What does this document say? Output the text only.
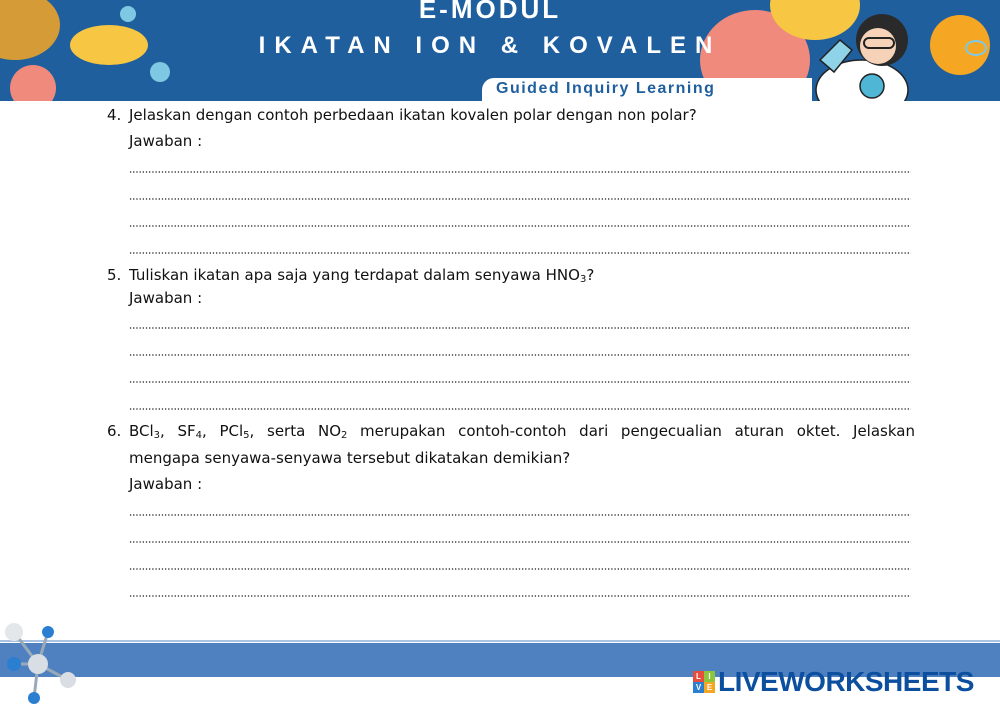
E-MODUL
IKATAN ION & KOVALEN
Guided Inquiry Learning
4. Jelaskan dengan contoh perbedaan ikatan kovalen polar dengan non polar?
Jawaban :
5. Tuliskan ikatan apa saja yang terdapat dalam senyawa $HNO_3$?
Jawaban :
6. BCl$_3$, $SF_4$, PCl$_5$, serta $NO_2$ merupakan contoh-contoh dari pengecualian aturan oktet. Jelaskan
mengapa senyawa-senyawa tersebut dikatakan demikian?
Jawaban :
L I
V E LIVEWORKSHEETS
